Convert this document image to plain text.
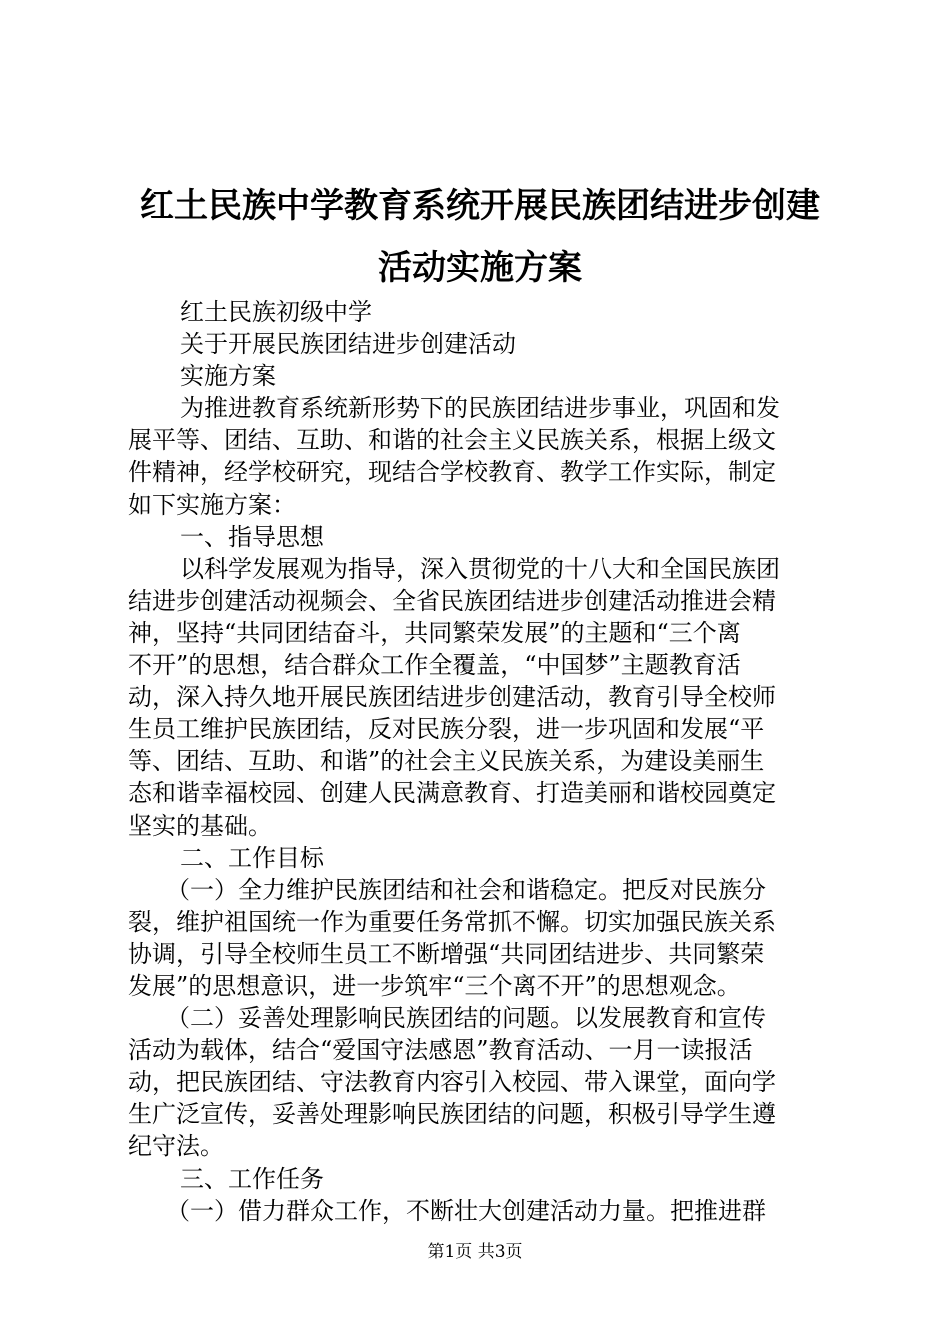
红土民族中学教育系统开展民族团结进步创建
活动实施方案
红土民族初级中学
关于开展民族团结进步创建活动
实施方案
为推进教育系统新形势下的民族团结进步事业，巩固和发
展平等、团结、互助、和谐的社会主义民族关系，根据上级文
件精神，经学校研究，现结合学校教育、教学工作实际，制定
如下实施方案：
一、指导思想
以科学发展观为指导，深入贯彻党的十八大和全国民族团
结进步创建活动视频会、全省民族团结进步创建活动推进会精
神，坚持“共同团结奋斗，共同繁荣发展”的主题和“三个离
不开”的思想，结合群众工作全覆盖，“中国梦”主题教育活
动，深入持久地开展民族团结进步创建活动，教育引导全校师
生员工维护民族团结，反对民族分裂，进一步巩固和发展“平
等、团结、互助、和谐”的社会主义民族关系，为建设美丽生
态和谐幸福校园、创建人民满意教育、打造美丽和谐校园奠定
坚实的基础。
二、工作目标
（一）全力维护民族团结和社会和谐稳定。把反对民族分
裂，维护祖国统一作为重要任务常抓不懈。切实加强民族关系
协调，引导全校师生员工不断增强“共同团结进步、共同繁荣
发展”的思想意识，进一步筑牢“三个离不开”的思想观念。
（二）妥善处理影响民族团结的问题。以发展教育和宣传
活动为载体，结合“爱国守法感恩”教育活动、一月一读报活
动，把民族团结、守法教育内容引入校园、带入课堂，面向学
生广泛宣传，妥善处理影响民族团结的问题，积极引导学生遵
纪守法。
三、工作任务
（一）借力群众工作，不断壮大创建活动力量。把推进群
第1页 共3页
